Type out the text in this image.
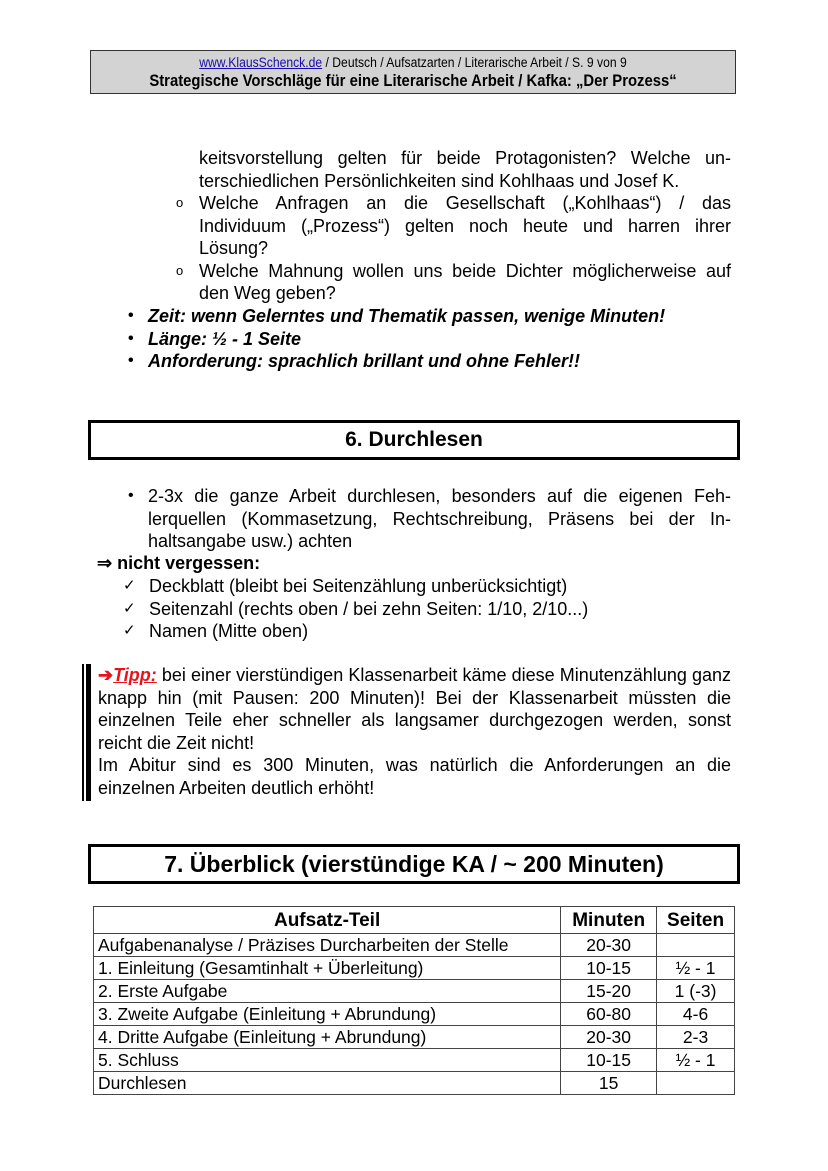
www.KlausSchenck.de / Deutsch / Aufsatzarten / Literarische Arbeit / S. 9 von 9
Strategische Vorschläge für eine Literarische Arbeit / Kafka: „Der Prozess“
keitsvorstellung gelten für beide Protagonisten? Welche un-
terschiedlichen Persönlichkeiten sind Kohlhaas und Josef K.
o Welche Anfragen an die Gesellschaft („Kohlhaas“) / das Individuum („Prozess“) gelten noch heute und harren ihrer Lösung?
o Welche Mahnung wollen uns beide Dichter möglicherweise auf den Weg geben?
• Zeit: wenn Gelerntes und Thematik passen, wenige Minuten!
• Länge: ½ - 1 Seite
• Anforderung: sprachlich brillant und ohne Fehler!!
6. Durchlesen
• 2-3x die ganze Arbeit durchlesen, besonders auf die eigenen Feh-
lerquellen (Kommasetzung, Rechtschreibung, Präsens bei der In-
haltsangabe usw.) achten
⇒ nicht vergessen:
✓ Deckblatt (bleibt bei Seitenzählung unberücksichtigt)
✓ Seitenzahl (rechts oben / bei zehn Seiten: 1/10, 2/10...)
✓ Namen (Mitte oben)
➔Tipp: bei einer vierstündigen Klassenarbeit käme diese Minutenzählung ganz knapp hin (mit Pausen: 200 Minuten)! Bei der Klassenarbeit müssten die einzelnen Teile eher schneller als langsamer durchgezogen werden, sonst reicht die Zeit nicht!
Im Abitur sind es 300 Minuten, was natürlich die Anforderungen an die einzelnen Arbeiten deutlich erhöht!
7. Überblick (vierstündige KA / ~ 200 Minuten)
Aufsatz-Teil	Minuten	Seiten
Aufgabenanalyse / Präzises Durcharbeiten der Stelle	20-30	
1. Einleitung (Gesamtinhalt + Überleitung)	10-15	½ - 1
2. Erste Aufgabe	15-20	1 (-3)
3. Zweite Aufgabe (Einleitung + Abrundung)	60-80	4-6
4. Dritte Aufgabe (Einleitung + Abrundung)	20-30	2-3
5. Schluss	10-15	½ - 1
Durchlesen	15	
